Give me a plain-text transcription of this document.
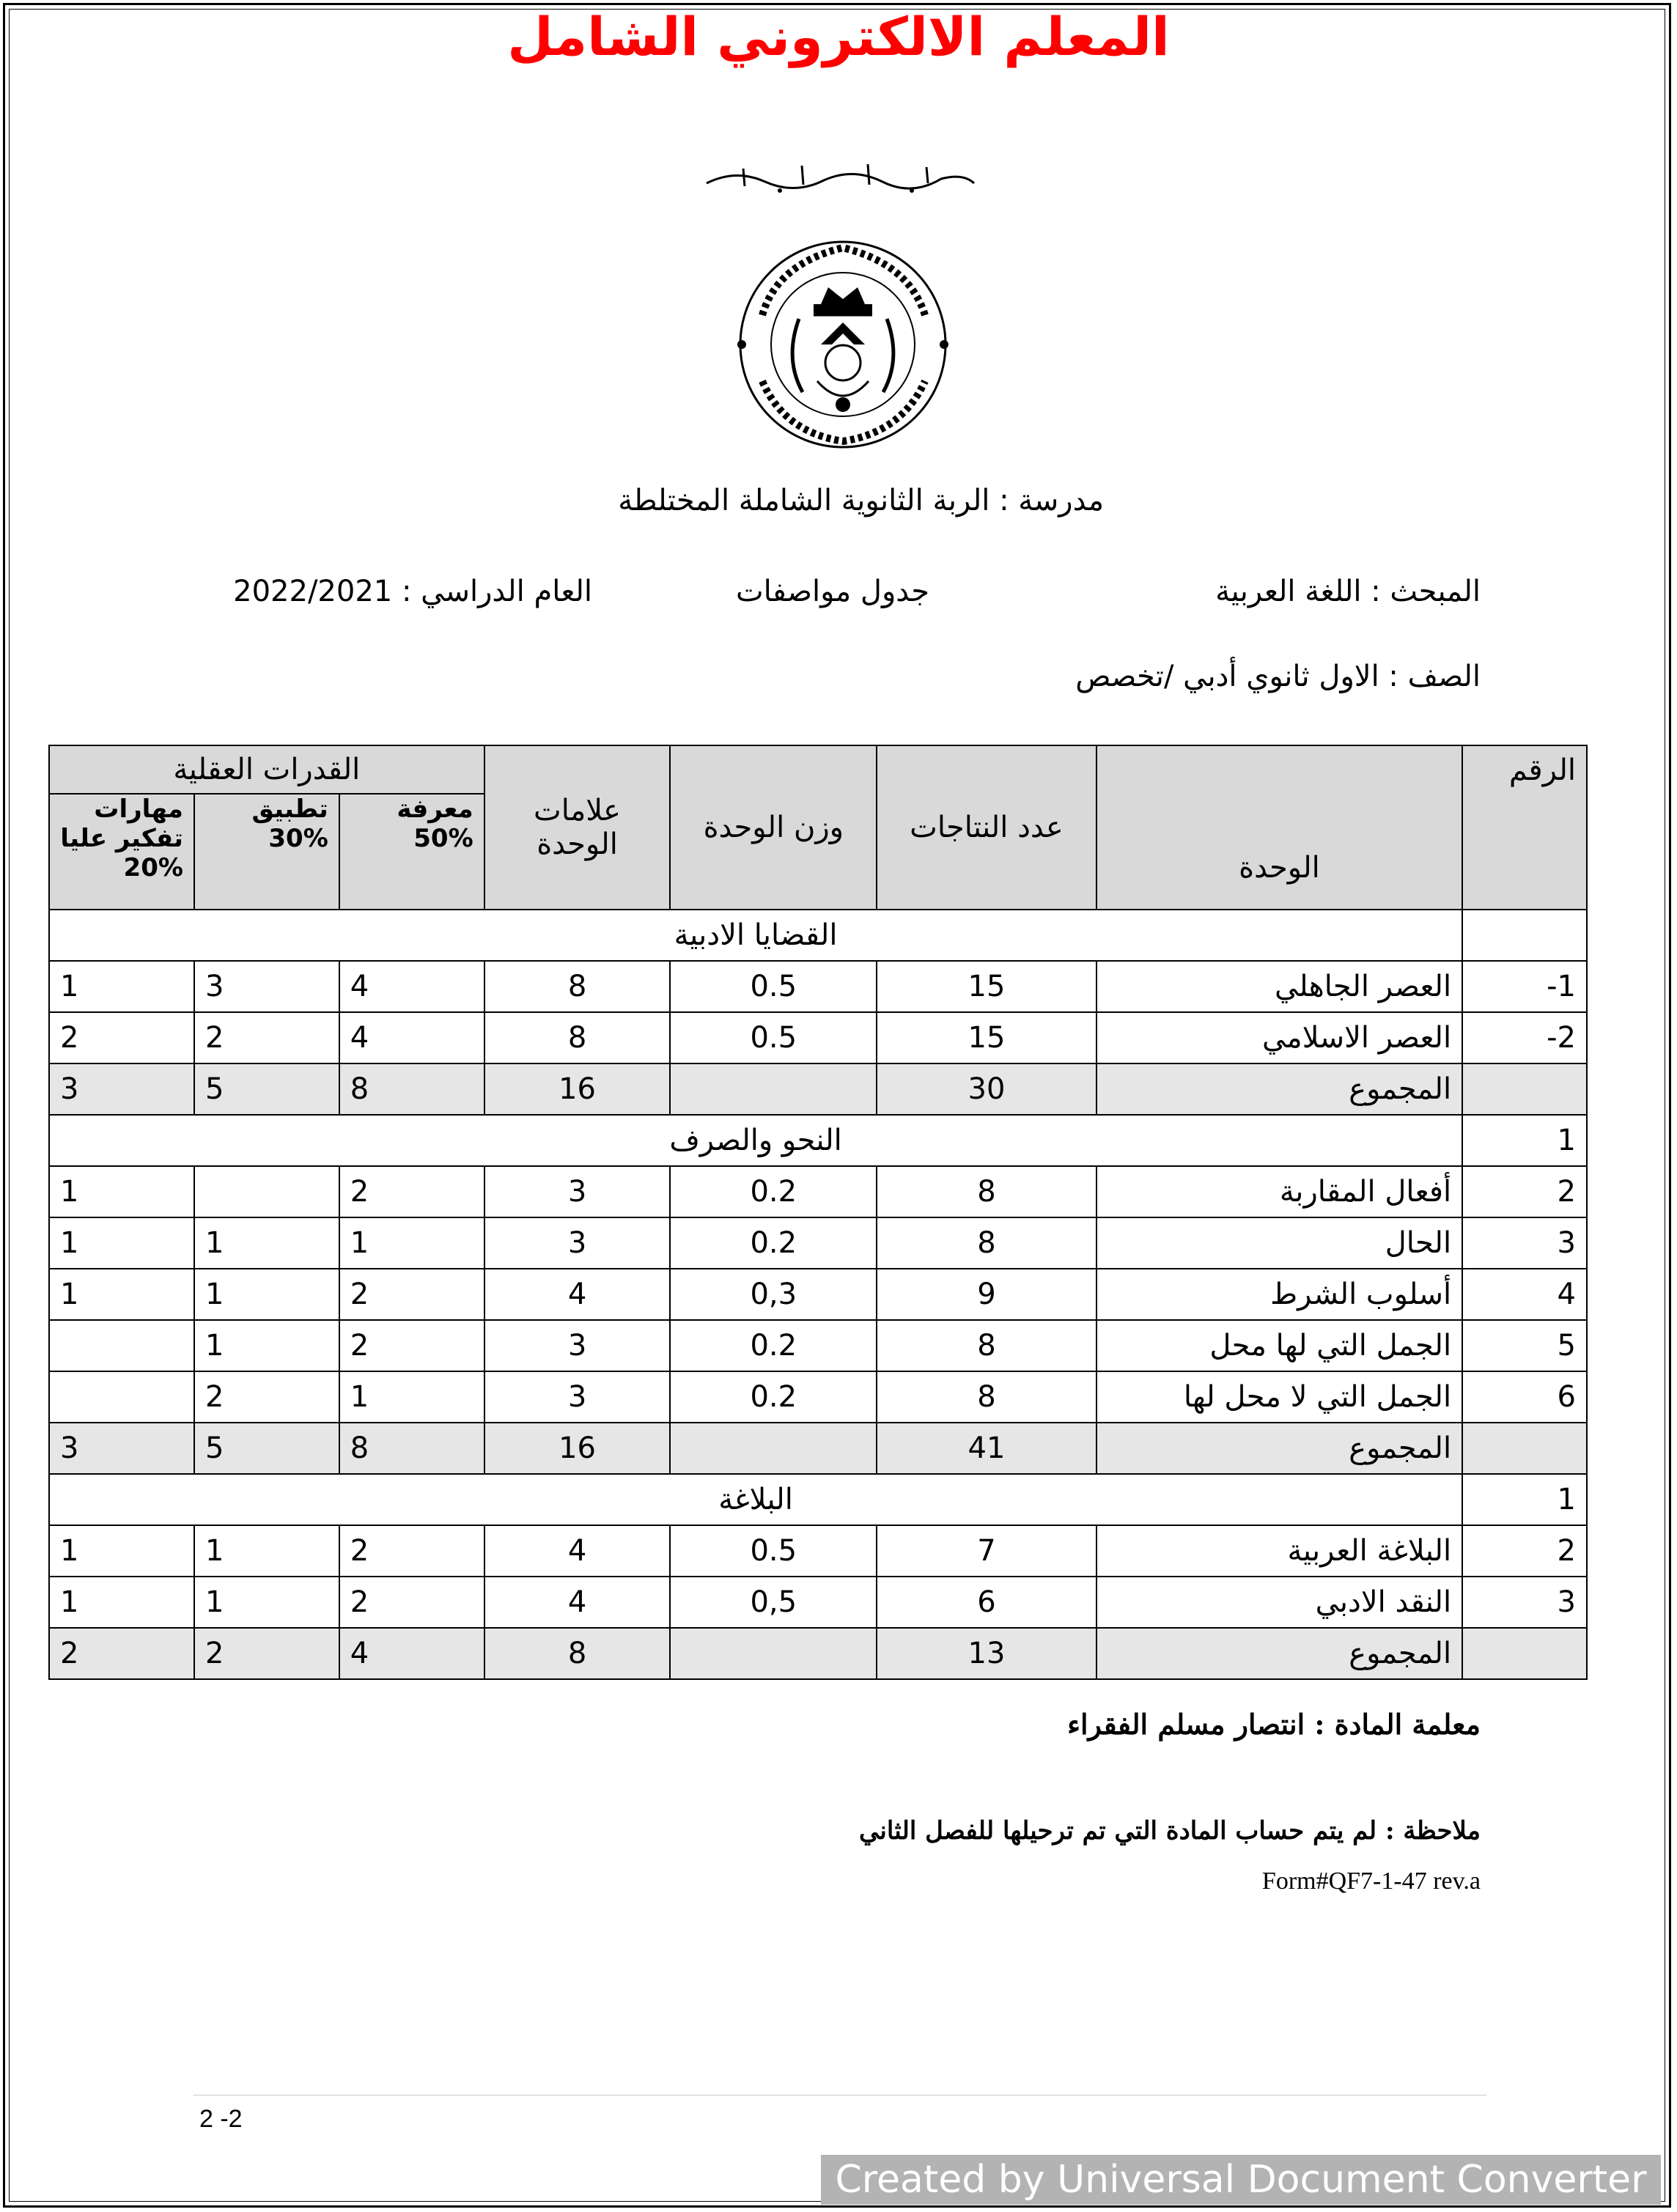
المعلم الالكتروني الشامل
مدرسة : الربة الثانوية الشاملة المختلطة
المبحث : اللغة العربية
جدول مواصفات
العام الدراسي : 2022/2021
الصف : الاول ثانوي أدبي /تخصص
الرقم	الوحدة	عدد النتاجات	وزن الوحدة	علامات الوحدة	القدرات العقلية		
					معرفة %50	تطبيق %30	مهارات تفكير عليا %20
	القضايا الادبية						
1-	العصر الجاهلي	15	0.5	8	4	3	1
2-	العصر الاسلامي	15	0.5	8	4	2	2
	المجموع	30		16	8	5	3
1	النحو والصرف						
2	أفعال المقاربة	8	0.2	3	2		1
3	الحال	8	0.2	3	1	1	1
4	أسلوب الشرط	9	0,3	4	2	1	1
5	الجمل التي لها محل	8	0.2	3	2	1	
6	الجمل التي لا محل لها	8	0.2	3	1	2	
	المجموع	41		16	8	5	3
1	البلاغة						
2	البلاغة العربية	7	0.5	4	2	1	1
3	النقد الادبي	6	0,5	4	2	1	1
	المجموع	13		8	4	2	2
معلمة المادة : انتصار مسلم الفقراء
ملاحظة : لم يتم حساب المادة التي تم ترحيلها للفصل الثاني
Form#QF7-1-47 rev.a
2 -2
Created by Universal Document Converter
